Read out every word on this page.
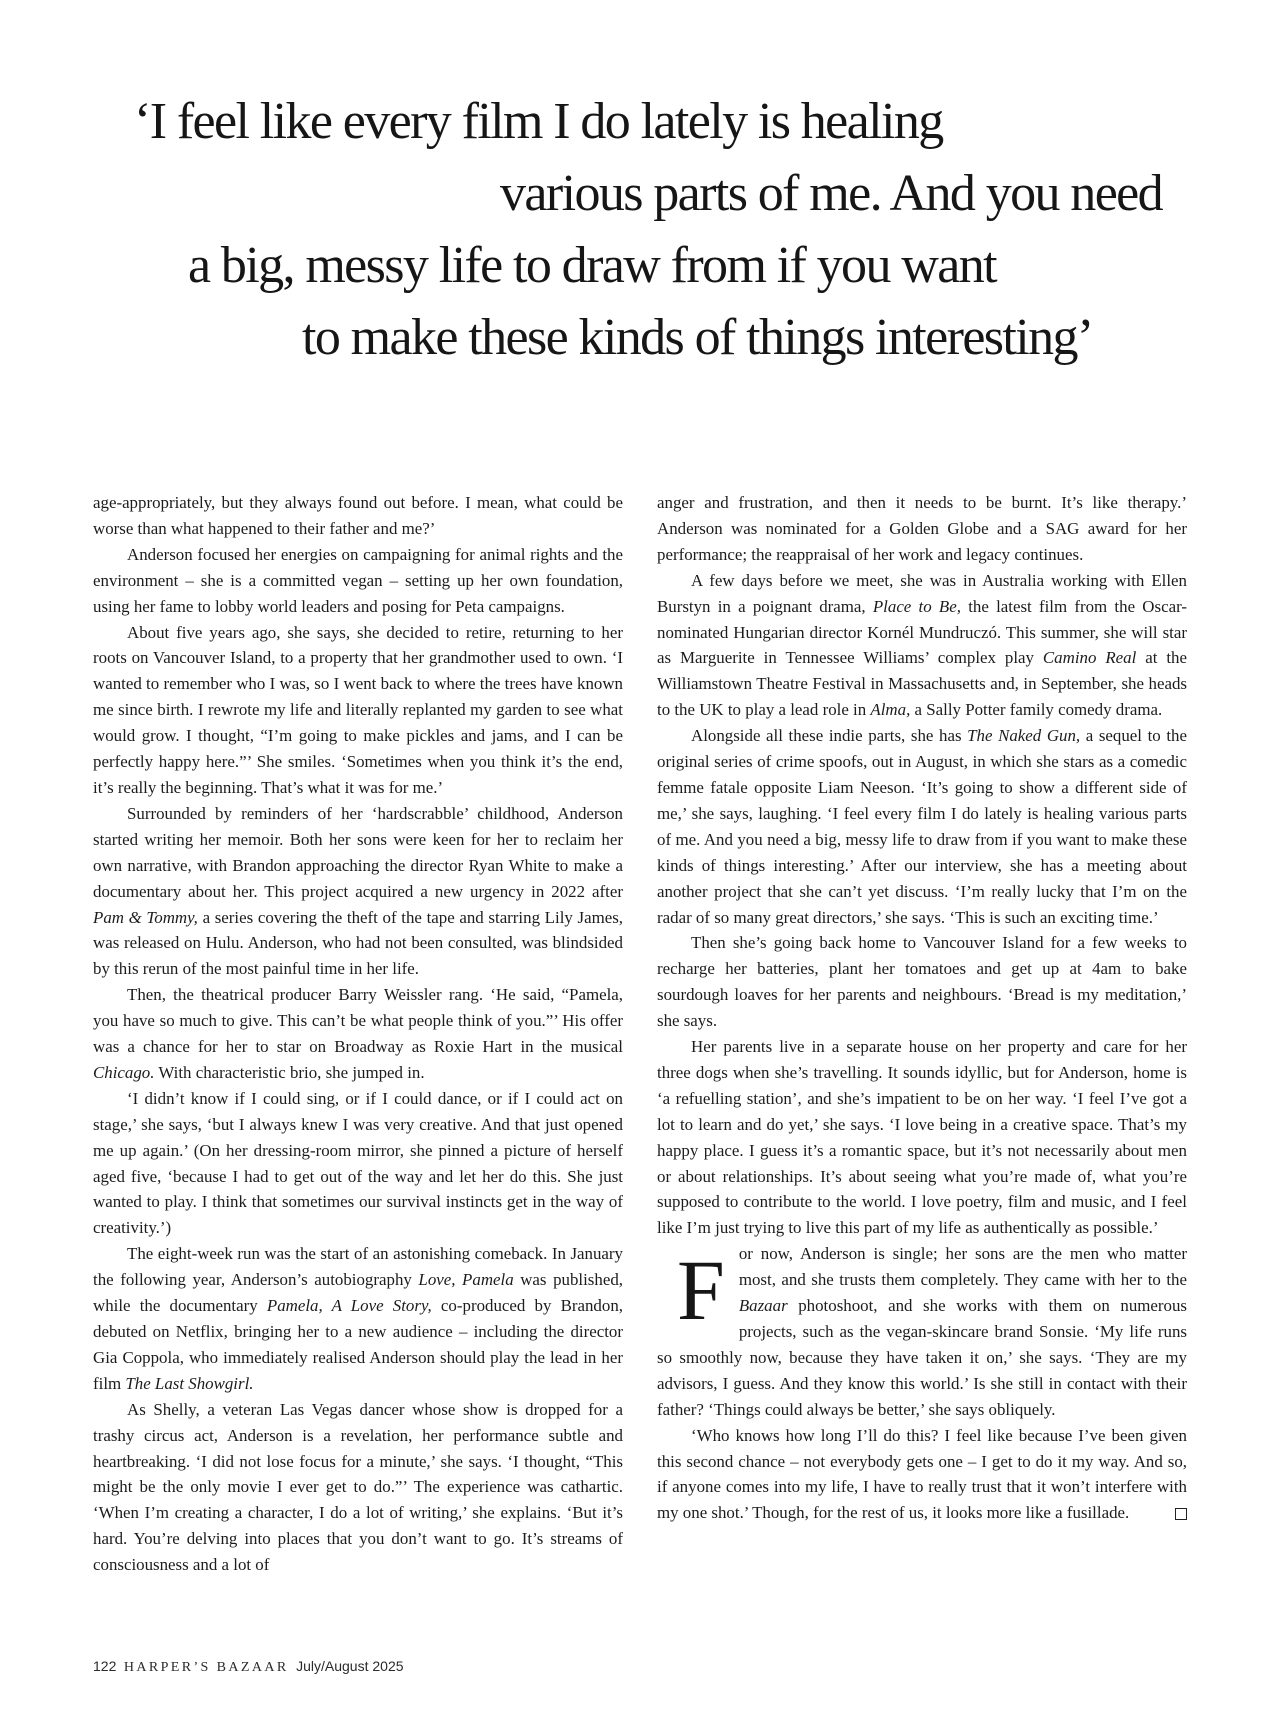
‘I feel like every film I do lately is healing
various parts of me. And you need
a big, messy life to draw from if you want
to make these kinds of things interesting’

age-appropriately, but they always found out before. I mean, what could be worse than what happened to their father and me?’

Anderson focused her energies on campaigning for animal rights and the environment – she is a committed vegan – setting up her own foundation, using her fame to lobby world leaders and posing for Peta campaigns.

About five years ago, she says, she decided to retire, returning to her roots on Vancouver Island, to a property that her grandmother used to own. ‘I wanted to remember who I was, so I went back to where the trees have known me since birth. I rewrote my life and literally replanted my garden to see what would grow. I thought, “I’m going to make pickles and jams, and I can be perfectly happy here.”’ She smiles. ‘Sometimes when you think it’s the end, it’s really the beginning. That’s what it was for me.’

Surrounded by reminders of her ‘hardscrabble’ childhood, Anderson started writing her memoir. Both her sons were keen for her to reclaim her own narrative, with Brandon approaching the director Ryan White to make a documentary about her. This project acquired a new urgency in 2022 after Pam & Tommy, a series covering the theft of the tape and starring Lily James, was released on Hulu. Anderson, who had not been consulted, was blindsided by this rerun of the most painful time in her life.

Then, the theatrical producer Barry Weissler rang. ‘He said, “Pamela, you have so much to give. This can’t be what people think of you.”’ His offer was a chance for her to star on Broadway as Roxie Hart in the musical Chicago. With characteristic brio, she jumped in.

‘I didn’t know if I could sing, or if I could dance, or if I could act on stage,’ she says, ‘but I always knew I was very creative. And that just opened me up again.’ (On her dressing-room mirror, she pinned a picture of herself aged five, ‘because I had to get out of the way and let her do this. She just wanted to play. I think that sometimes our survival instincts get in the way of creativity.’)

The eight-week run was the start of an astonishing comeback. In January the following year, Anderson’s autobiography Love, Pamela was published, while the documentary Pamela, A Love Story, co-produced by Brandon, debuted on Netflix, bringing her to a new audience – including the director Gia Coppola, who immediately realised Anderson should play the lead in her film The Last Showgirl.

As Shelly, a veteran Las Vegas dancer whose show is dropped for a trashy circus act, Anderson is a revelation, her performance subtle and heartbreaking. ‘I did not lose focus for a minute,’ she says. ‘I thought, “This might be the only movie I ever get to do.”’ The experience was cathartic. ‘When I’m creating a character, I do a lot of writing,’ she explains. ‘But it’s hard. You’re delving into places that you don’t want to go. It’s streams of consciousness and a lot of

anger and frustration, and then it needs to be burnt. It’s like therapy.’ Anderson was nominated for a Golden Globe and a SAG award for her performance; the reappraisal of her work and legacy continues.

A few days before we meet, she was in Australia working with Ellen Burstyn in a poignant drama, Place to Be, the latest film from the Oscar-nominated Hungarian director Kornél Mundruczó. This summer, she will star as Marguerite in Tennessee Williams’ complex play Camino Real at the Williamstown Theatre Festival in Massachusetts and, in September, she heads to the UK to play a lead role in Alma, a Sally Potter family comedy drama.

Alongside all these indie parts, she has The Naked Gun, a sequel to the original series of crime spoofs, out in August, in which she stars as a comedic femme fatale opposite Liam Neeson. ‘It’s going to show a different side of me,’ she says, laughing. ‘I feel every film I do lately is healing various parts of me. And you need a big, messy life to draw from if you want to make these kinds of things interesting.’ After our interview, she has a meeting about another project that she can’t yet discuss. ‘I’m really lucky that I’m on the radar of so many great directors,’ she says. ‘This is such an exciting time.’

Then she’s going back home to Vancouver Island for a few weeks to recharge her batteries, plant her tomatoes and get up at 4am to bake sourdough loaves for her parents and neighbours. ‘Bread is my meditation,’ she says.

Her parents live in a separate house on her property and care for her three dogs when she’s travelling. It sounds idyllic, but for Anderson, home is ‘a refuelling station’, and she’s impatient to be on her way. ‘I feel I’ve got a lot to learn and do yet,’ she says. ‘I love being in a creative space. That’s my happy place. I guess it’s a romantic space, but it’s not necessarily about men or about relationships. It’s about seeing what you’re made of, what you’re supposed to contribute to the world. I love poetry, film and music, and I feel like I’m just trying to live this part of my life as authentically as possible.’

For now, Anderson is single; her sons are the men who matter most, and she trusts them completely. They came with her to the Bazaar photoshoot, and she works with them on numerous projects, such as the vegan-skincare brand Sonsie. ‘My life runs so smoothly now, because they have taken it on,’ she says. ‘They are my advisors, I guess. And they know this world.’ Is she still in contact with their father? ‘Things could always be better,’ she says obliquely.

‘Who knows how long I’ll do this? I feel like because I’ve been given this second chance – not everybody gets one – I get to do it my way. And so, if anyone comes into my life, I have to really trust that it won’t interfere with my one shot.’ Though, for the rest of us, it looks more like a fusillade.

122 HARPER’S BAZAAR July/August 2025
